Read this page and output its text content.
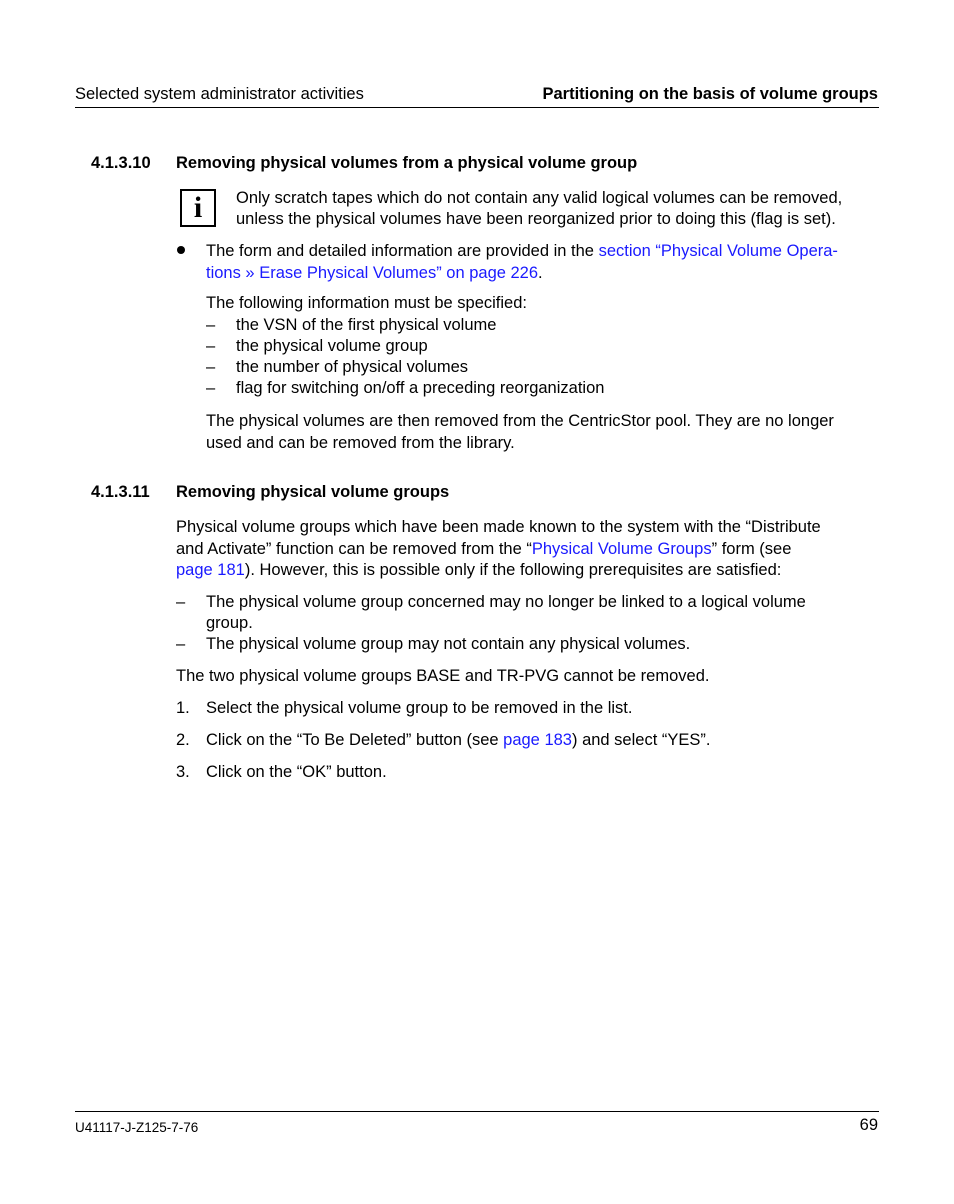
Selected system administrator activities	Partitioning on the basis of volume groups
4.1.3.10 Removing physical volumes from a physical volume group
i	Only scratch tapes which do not contain any valid logical volumes can be removed,
unless the physical volumes have been reorganized prior to doing this (flag is set).
The form and detailed information are provided in the section “Physical Volume Opera-
tions » Erase Physical Volumes” on page 226.
The following information must be specified:
– the VSN of the first physical volume
– the physical volume group
– the number of physical volumes
– flag for switching on/off a preceding reorganization
The physical volumes are then removed from the CentricStor pool. They are no longer
used and can be removed from the library.
4.1.3.11 Removing physical volume groups
Physical volume groups which have been made known to the system with the “Distribute
and Activate” function can be removed from the “Physical Volume Groups” form (see
page 181). However, this is possible only if the following prerequisites are satisfied:
– The physical volume group concerned may no longer be linked to a logical volume
group.
– The physical volume group may not contain any physical volumes.
The two physical volume groups BASE and TR-PVG cannot be removed.
1. Select the physical volume group to be removed in the list.
2. Click on the “To Be Deleted” button (see page 183) and select “YES”.
3. Click on the “OK” button.
U41117-J-Z125-7-76	69
